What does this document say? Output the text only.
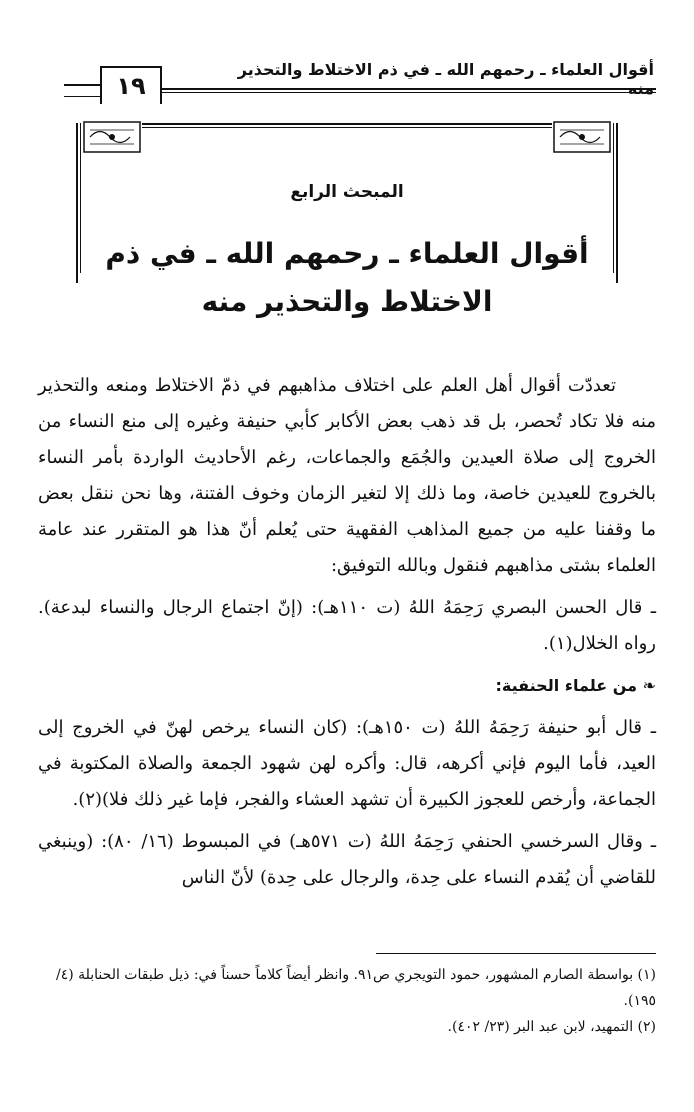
أقوال العلماء ـ رحمهم الله ـ في ذم الاختلاط والتحذير منه
١٩
المبحث الرابع
أقوال العلماء ـ رحمهم الله ـ في ذم الاختلاط والتحذير منه

تعددّت أقوال أهل العلم على اختلاف مذاهبهم في ذمّ الاختلاط ومنعه والتحذير منه فلا تكاد تُحصر، بل قد ذهب بعض الأكابر كأبي حنيفة وغيره إلى منع النساء من الخروج إلى صلاة العيدين والجُمَع والجماعات، رغم الأحاديث الواردة بأمر النساء بالخروج للعيدين خاصة، وما ذلك إلا لتغير الزمان وخوف الفتنة، وها نحن ننقل بعض ما وقفنا عليه من جميع المذاهب الفقهية حتى يُعلم أنّ هذا هو المتقرر عند عامة العلماء بشتى مذاهبهم فنقول وبالله التوفيق:

ـ قال الحسن البصري رَحِمَهُ اللهُ (ت ١١٠هـ): (إنّ اجتماع الرجال والنساء لبدعة). رواه الخلال(١).

❧ من علماء الحنفية:

ـ قال أبو حنيفة رَحِمَهُ اللهُ (ت ١٥٠هـ): (كان النساء يرخص لهنّ في الخروج إلى العيد، فأما اليوم فإني أكرهه، قال: وأكره لهن شهود الجمعة والصلاة المكتوبة في الجماعة، وأرخص للعجوز الكبيرة أن تشهد العشاء والفجر، فإما غير ذلك فلا)(٢).

ـ وقال السرخسي الحنفي رَحِمَهُ اللهُ (ت ٥٧١هـ) في المبسوط (١٦/ ٨٠): (وينبغي للقاضي أن يُقدم النساء على حِدة، والرجال على حِدة) لأنّ الناس

(١) بواسطة الصارم المشهور، حمود التويجري ص٩١. وانظر أيضاً كلاماً حسناً في: ذيل طبقات الحنابلة (٤/ ١٩٥).
(٢) التمهيد، لابن عبد البر (٢٣/ ٤٠٢).
